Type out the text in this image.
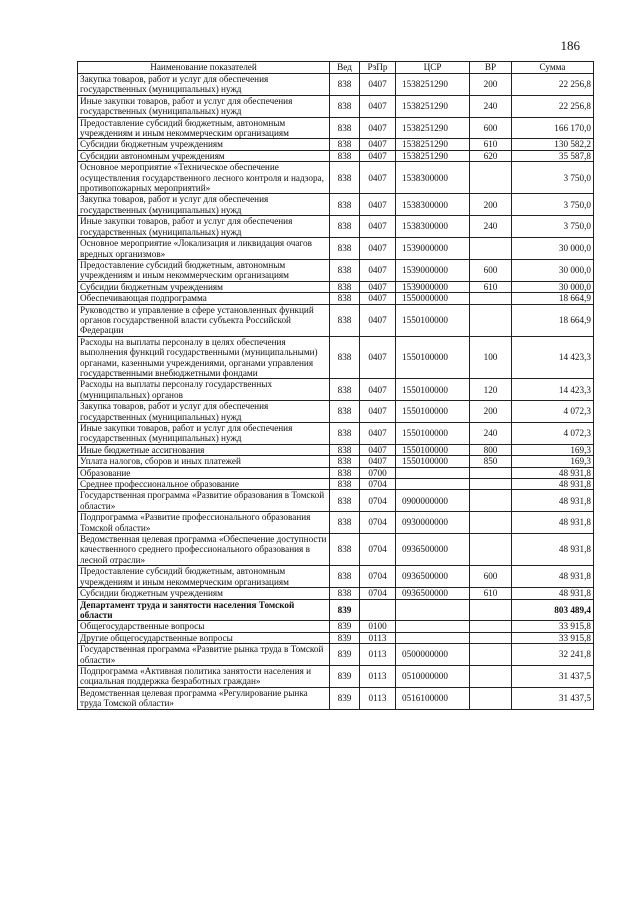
186
Наименование показателей	Вед	РзПр	ЦСР	ВР	Сумма
Закупка товаров, работ и услуг для обеспечения государственных (муниципальных) нужд	838	0407	1538251290	200	22 256,8
Иные закупки товаров, работ и услуг для обеспечения государственных (муниципальных) нужд	838	0407	1538251290	240	22 256,8
Предоставление субсидий бюджетным, автономным учреждениям и иным некоммерческим организациям	838	0407	1538251290	600	166 170,0
Субсидии бюджетным учреждениям	838	0407	1538251290	610	130 582,2
Субсидии автономным учреждениям	838	0407	1538251290	620	35 587,8
Основное мероприятие «Техническое обеспечение осуществления государственного лесного контроля и надзора, противопожарных мероприятий»	838	0407	1538300000		3 750,0
Закупка товаров, работ и услуг для обеспечения государственных (муниципальных) нужд	838	0407	1538300000	200	3 750,0
Иные закупки товаров, работ и услуг для обеспечения государственных (муниципальных) нужд	838	0407	1538300000	240	3 750,0
Основное мероприятие «Локализация и ликвидация очагов вредных организмов»	838	0407	1539000000		30 000,0
Предоставление субсидий бюджетным, автономным учреждениям и иным некоммерческим организациям	838	0407	1539000000	600	30 000,0
Субсидии бюджетным учреждениям	838	0407	1539000000	610	30 000,0
Обеспечивающая подпрограмма	838	0407	1550000000		18 664,9
Руководство и управление в сфере установленных функций органов государственной власти субъекта Российской Федерации	838	0407	1550100000		18 664,9
Расходы на выплаты персоналу в целях обеспечения выполнения функций государственными (муниципальными) органами, казенными учреждениями, органами управления государственными внебюджетными фондами	838	0407	1550100000	100	14 423,3
Расходы на выплаты персоналу государственных (муниципальных) органов	838	0407	1550100000	120	14 423,3
Закупка товаров, работ и услуг для обеспечения государственных (муниципальных) нужд	838	0407	1550100000	200	4 072,3
Иные закупки товаров, работ и услуг для обеспечения государственных (муниципальных) нужд	838	0407	1550100000	240	4 072,3
Иные бюджетные ассигнования	838	0407	1550100000	800	169,3
Уплата налогов, сборов и иных платежей	838	0407	1550100000	850	169,3
Образование	838	0700			48 931,8
Среднее профессиональное образование	838	0704			48 931,8
Государственная программа «Развитие образования в Томской области»	838	0704	0900000000		48 931,8
Подпрограмма «Развитие профессионального образования Томской области»	838	0704	0930000000		48 931,8
Ведомственная целевая программа «Обеспечение доступности качественного среднего профессионального образования в лесной отрасли»	838	0704	0936500000		48 931,8
Предоставление субсидий бюджетным, автономным учреждениям и иным некоммерческим организациям	838	0704	0936500000	600	48 931,8
Субсидии бюджетным учреждениям	838	0704	0936500000	610	48 931,8
Департамент труда и занятости населения Томской области	839				803 489,4
Общегосударственные вопросы	839	0100			33 915,8
Другие общегосударственные вопросы	839	0113			33 915,8
Государственная программа «Развитие рынка труда в Томской области»	839	0113	0500000000		32 241,8
Подпрограмма «Активная политика занятости населения и социальная поддержка безработных граждан»	839	0113	0510000000		31 437,5
Ведомственная целевая программа «Регулирование рынка труда Томской области»	839	0113	0516100000		31 437,5
